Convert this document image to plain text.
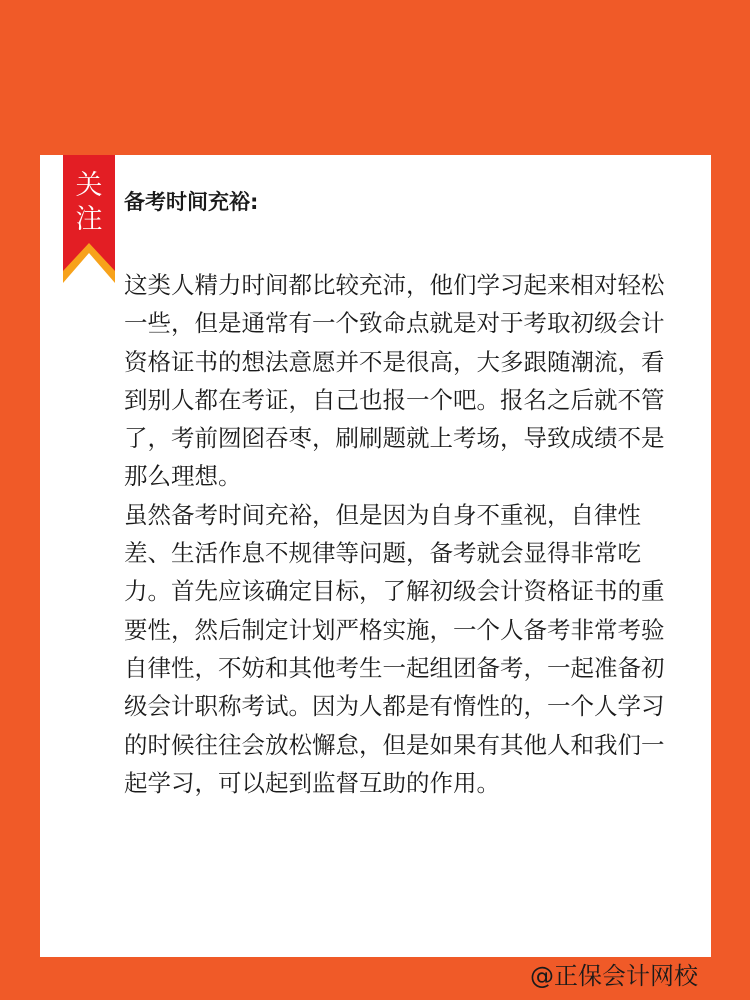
关
注
备考时间充裕:

这类人精力时间都比较充沛，他们学习起来相对轻松一些，但是通常有一个致命点就是对于考取初级会计资格证书的想法意愿并不是很高，大多跟随潮流，看到别人都在考证，自己也报一个吧。报名之后就不管了，考前囫囵吞枣，刷刷题就上考场，导致成绩不是那么理想。

虽然备考时间充裕，但是因为自身不重视，自律性差、生活作息不规律等问题，备考就会显得非常吃力。首先应该确定目标，了解初级会计资格证书的重要性，然后制定计划严格实施，一个人备考非常考验自律性，不妨和其他考生一起组团备考，一起准备初级会计职称考试。因为人都是有惰性的，一个人学习的时候往往会放松懈怠，但是如果有其他人和我们一起学习，可以起到监督互助的作用。

@正保会计网校
